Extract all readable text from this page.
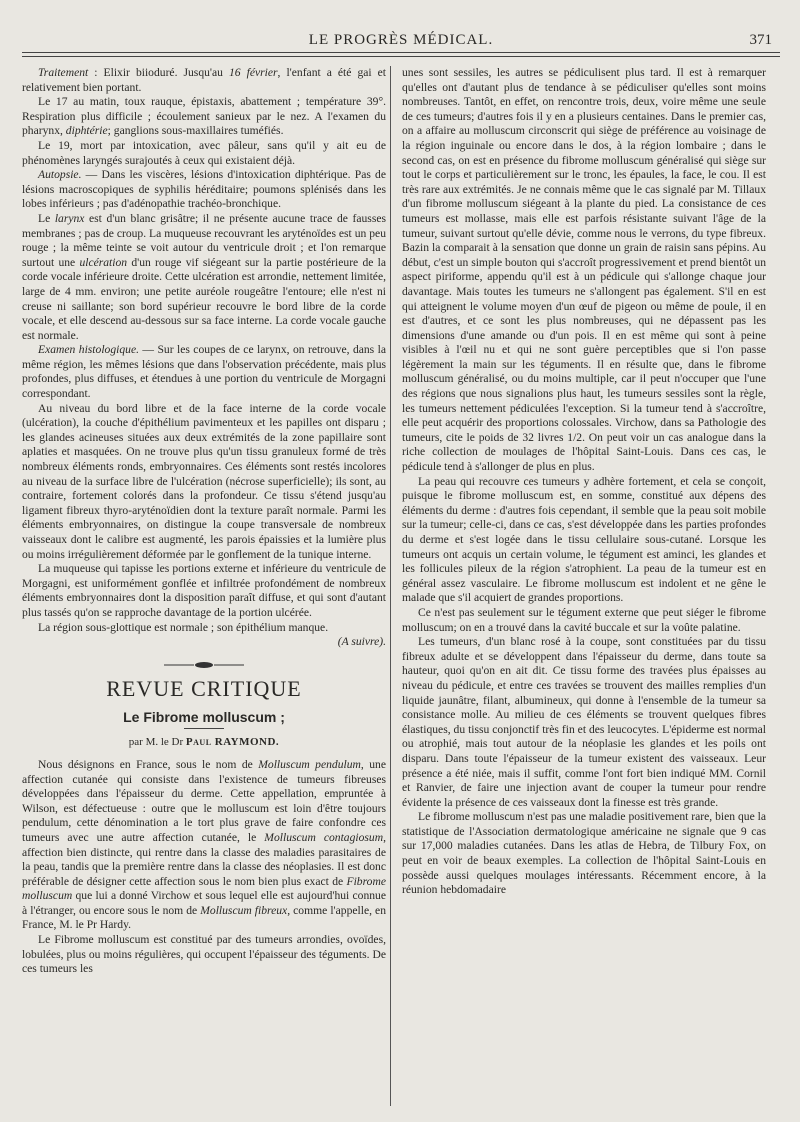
LE PROGRÈS MÉDICAL.	371

Traitement : Elixir biioduré. Jusqu'au 16 février, l'enfant a été gai et relativement bien portant.

Le 17 au matin, toux rauque, épistaxis, abattement ; température 39°. Respiration plus difficile ; écoulement sanieux par le nez. A l'examen du pharynx, diphtérie; ganglions sous-maxillaires tuméfiés.

Le 19, mort par intoxication, avec pâleur, sans qu'il y ait eu de phénomènes laryngés surajoutés à ceux qui existaient déjà.

Autopsie. — Dans les viscères, lésions d'intoxication diphtérique. Pas de lésions macroscopiques de syphilis héréditaire; poumons splénisés dans les lobes inférieurs ; pas d'adénopathie trachéo-bronchique.

Le larynx est d'un blanc grisâtre; il ne présente aucune trace de fausses membranes ; pas de croup. La muqueuse recouvrant les aryténoïdes est un peu rouge ; la même teinte se voit autour du ventricule droit ; et l'on remarque surtout une ulcération d'un rouge vif siégeant sur la partie postérieure de la corde vocale inférieure droite. Cette ulcération est arrondie, nettement limitée, large de 4 mm. environ; une petite auréole rougeâtre l'entoure; elle n'est ni creuse ni saillante; son bord supérieur recouvre le bord libre de la corde vocale, et elle descend au-dessous sur sa face interne. La corde vocale gauche est normale.

Examen histologique. — Sur les coupes de ce larynx, on retrouve, dans la même région, les mêmes lésions que dans l'observation précédente, mais plus profondes, plus diffuses, et étendues à une portion du ventricule de Morgagni correspondant.

Au niveau du bord libre et de la face interne de la corde vocale (ulcération), la couche d'épithélium pavimenteux et les papilles ont disparu ; les glandes acineuses situées aux deux extrémités de la zone papillaire sont aplaties et masquées. On ne trouve plus qu'un tissu granuleux formé de très nombreux éléments ronds, embryonnaires. Ces éléments sont restés incolores au niveau de la surface libre de l'ulcération (nécrose superficielle); ils sont, au contraire, fortement colorés dans la profondeur. Ce tissu s'étend jusqu'au ligament fibreux thyro-aryténoïdien dont la texture paraît normale. Parmi les éléments embryonnaires, on distingue la coupe transversale de nombreux vaisseaux dont le calibre est augmenté, les parois épaissies et la lumière plus ou moins irrégulièrement déformée par le gonflement de la tunique interne.

La muqueuse qui tapisse les portions externe et inférieure du ventricule de Morgagni, est uniformément gonflée et infiltrée profondément de nombreux éléments embryonnaires dont la disposition paraît diffuse, et qui sont d'autant plus tassés qu'on se rapproche davantage de la portion ulcérée.

La région sous-glottique est normale ; son épithélium manque.

(A suivre).
REVUE CRITIQUE
Le Fibrome molluscum ;
par M. le Dr Paul RAYMOND.

Nous désignons en France, sous le nom de Molluscum pendulum, une affection cutanée qui consiste dans l'existence de tumeurs fibreuses développées dans l'épaisseur du derme. Cette appellation, empruntée à Wilson, est défectueuse : outre que le molluscum est loin d'être toujours pendulum, cette dénomination a le tort plus grave de faire confondre ces tumeurs avec une autre affection cutanée, le Molluscum contagiosum, affection bien distincte, qui rentre dans la classe des maladies parasitaires de la peau, tandis que la première rentre dans la classe des néoplasies. Il est donc préférable de désigner cette affection sous le nom bien plus exact de Fibrome molluscum que lui a donné Virchow et sous lequel elle est aujourd'hui connue à l'étranger, ou encore sous le nom de Molluscum fibreux, comme l'appelle, en France, M. le Pr Hardy.

Le Fibrome molluscum est constitué par des tumeurs arrondies, ovoïdes, lobulées, plus ou moins régulières, qui occupent l'épaisseur des téguments. De ces tumeurs les

unes sont sessiles, les autres se pédiculisent plus tard. Il est à remarquer qu'elles ont d'autant plus de tendance à se pédiculiser qu'elles sont moins nombreuses. Tantôt, en effet, on rencontre trois, deux, voire même une seule de ces tumeurs; d'autres fois il y en a plusieurs centaines. Dans le premier cas, on a affaire au molluscum circonscrit qui siège de préférence au voisinage de la région inguinale ou encore dans le dos, à la région lombaire ; dans le second cas, on est en présence du fibrome molluscum généralisé qui siège sur tout le corps et particulièrement sur le tronc, les épaules, la face, le cou. Il est très rare aux extrémités. Je ne connais même que le cas signalé par M. Tillaux d'un fibrome molluscum siégeant à la plante du pied. La consistance de ces tumeurs est mollasse, mais elle est parfois résistante suivant l'âge de la tumeur, suivant surtout qu'elle dévie, comme nous le verrons, du type fibreux. Bazin la comparait à la sensation que donne un grain de raisin sans pépins. Au début, c'est un simple bouton qui s'accroît progressivement et prend bientôt un aspect piriforme, appendu qu'il est à un pédicule qui s'allonge chaque jour davantage. Mais toutes les tumeurs ne s'allongent pas également. S'il en est qui atteignent le volume moyen d'un œuf de pigeon ou même de poule, il en est d'autres, et ce sont les plus nombreuses, qui ne dépassent pas les dimensions d'une amande ou d'un pois. Il en est même qui sont à peine visibles à l'œil nu et qui ne sont guère perceptibles que si l'on passe légèrement la main sur les téguments. Il en résulte que, dans le fibrome molluscum généralisé, ou du moins multiple, car il peut n'occuper que l'une des régions que nous signalions plus haut, les tumeurs sessiles sont la règle, les tumeurs nettement pédiculées l'exception. Si la tumeur tend à s'accroître, elle peut acquérir des proportions colossales. Virchow, dans sa Pathologie des tumeurs, cite le poids de 32 livres 1/2. On peut voir un cas analogue dans la riche collection de moulages de l'hôpital Saint-Louis. Dans ces cas, le pédicule tend à s'allonger de plus en plus.

La peau qui recouvre ces tumeurs y adhère fortement, et cela se conçoit, puisque le fibrome molluscum est, en somme, constitué aux dépens des éléments du derme : d'autres fois cependant, il semble que la peau soit mobile sur la tumeur; celle-ci, dans ce cas, s'est développée dans les parties profondes du derme et s'est logée dans le tissu cellulaire sous-cutané. Lorsque les tumeurs ont acquis un certain volume, le tégument est aminci, les glandes et les follicules pileux de la région s'atrophient. La peau de la tumeur est en général assez vasculaire. Le fibrome molluscum est indolent et ne gêne le malade que s'il acquiert de grandes proportions.

Ce n'est pas seulement sur le tégument externe que peut siéger le fibrome molluscum; on en a trouvé dans la cavité buccale et sur la voûte palatine.

Les tumeurs, d'un blanc rosé à la coupe, sont constituées par du tissu fibreux adulte et se développent dans l'épaisseur du derme, dans toute sa hauteur, quoi qu'on en ait dit. Ce tissu forme des travées plus épaisses au niveau du pédicule, et entre ces travées se trouvent des mailles remplies d'un liquide jaunâtre, filant, albumineux, qui donne à l'ensemble de la tumeur sa consistance molle. Au milieu de ces éléments se trouvent quelques fibres élastiques, du tissu conjonctif très fin et des leucocytes. L'épiderme est normal ou atrophié, mais tout autour de la néoplasie les glandes et les poils ont disparu. Dans toute l'épaisseur de la tumeur existent des vaisseaux. Leur présence a été niée, mais il suffit, comme l'ont fort bien indiqué MM. Cornil et Ranvier, de faire une injection avant de couper la tumeur pour rendre évidente la présence de ces vaisseaux dont la finesse est très grande.

Le fibrome molluscum n'est pas une maladie positivement rare, bien que la statistique de l'Association dermatologique américaine ne signale que 9 cas sur 17,000 maladies cutanées. Dans les atlas de Hebra, de Tilbury Fox, on peut en voir de beaux exemples. La collection de l'hôpital Saint-Louis en possède aussi quelques moulages intéressants. Récemment encore, à la réunion hebdomadaire
